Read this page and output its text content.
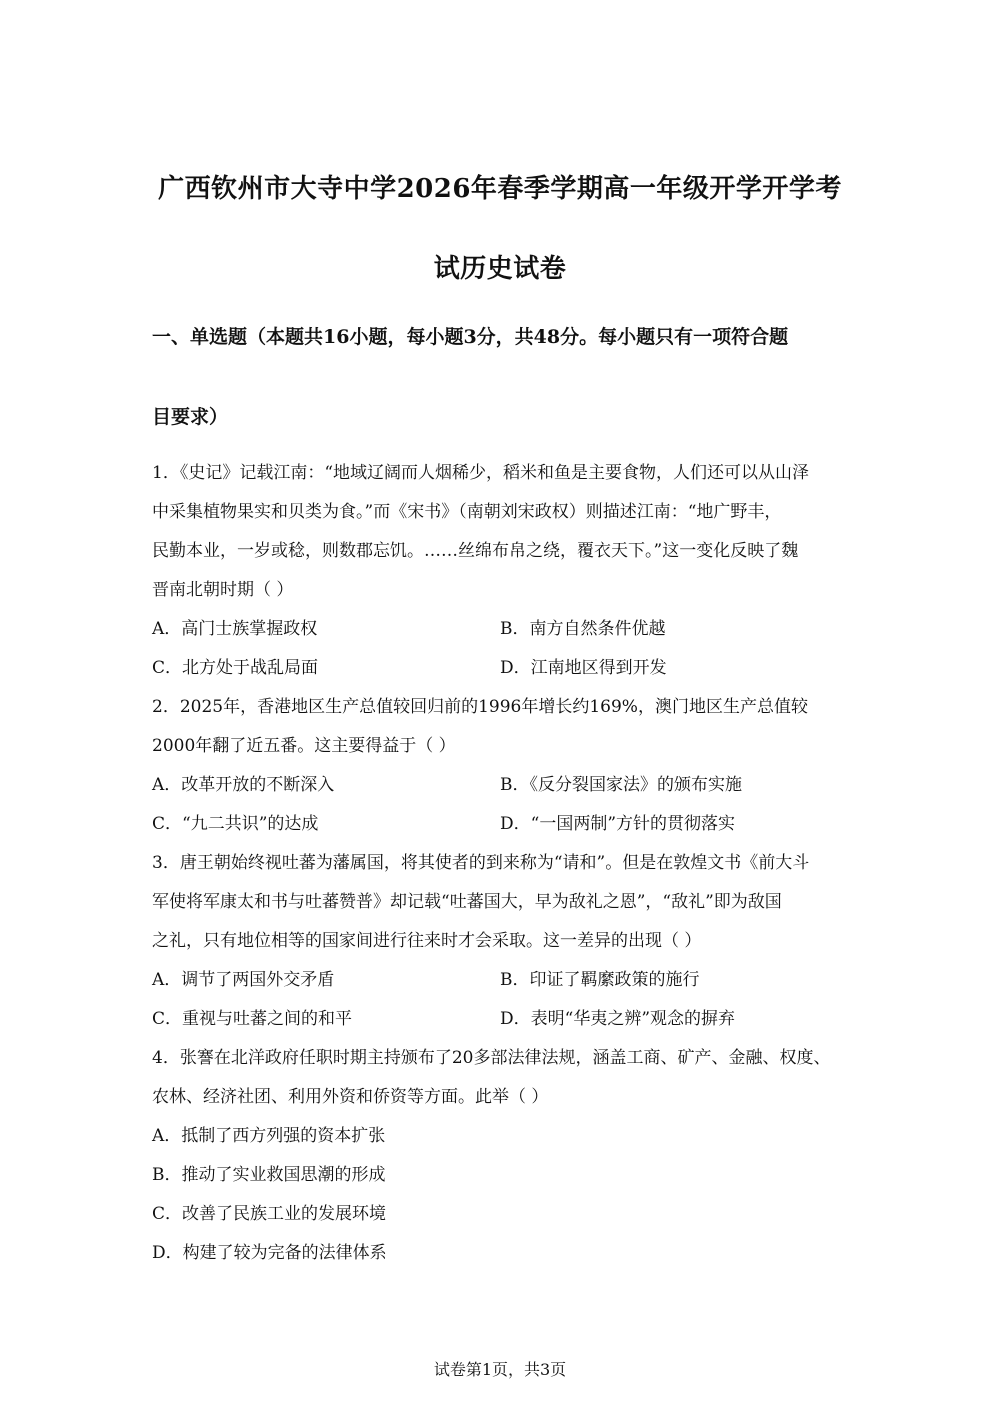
广西钦州市大寺中学2026年春季学期高一年级开学开学考
试历史试卷
一、单选题（本题共16小题，每小题3分，共48分。每小题只有一项符合题
目要求）
1．《史记》记载江南：“地域辽阔而人烟稀少，稻米和鱼是主要食物，人们还可以从山泽
中采集植物果实和贝类为食。”而《宋书》（南朝刘宋政权）则描述江南：“地广野丰，
民勤本业，一岁或稔，则数郡忘饥。……丝绵布帛之绕，覆衣天下。”这一变化反映了魏
晋南北朝时期（ ）
A．高门士族掌握政权	B．南方自然条件优越
C．北方处于战乱局面	D．江南地区得到开发
2．2025年，香港地区生产总值较回归前的1996年增长约169%，澳门地区生产总值较
2000年翻了近五番。这主要得益于（ ）
A．改革开放的不断深入	B．《反分裂国家法》的颁布实施
C．“九二共识”的达成	D．“一国两制”方针的贯彻落实
3．唐王朝始终视吐蕃为藩属国，将其使者的到来称为“请和”。但是在敦煌文书《前大斗
军使将军康太和书与吐蕃赞普》却记载“吐蕃国大，早为敌礼之恩”，“敌礼”即为敌国
之礼，只有地位相等的国家间进行往来时才会采取。这一差异的出现（ ）
A．调节了两国外交矛盾	B．印证了羁縻政策的施行
C．重视与吐蕃之间的和平	D．表明“华夷之辨”观念的摒弃
4．张謇在北洋政府任职时期主持颁布了20多部法律法规，涵盖工商、矿产、金融、权度、
农林、经济社团、利用外资和侨资等方面。此举（ ）
A．抵制了西方列强的资本扩张
B．推动了实业救国思潮的形成
C．改善了民族工业的发展环境
D．构建了较为完备的法律体系
试卷第1页，共3页
